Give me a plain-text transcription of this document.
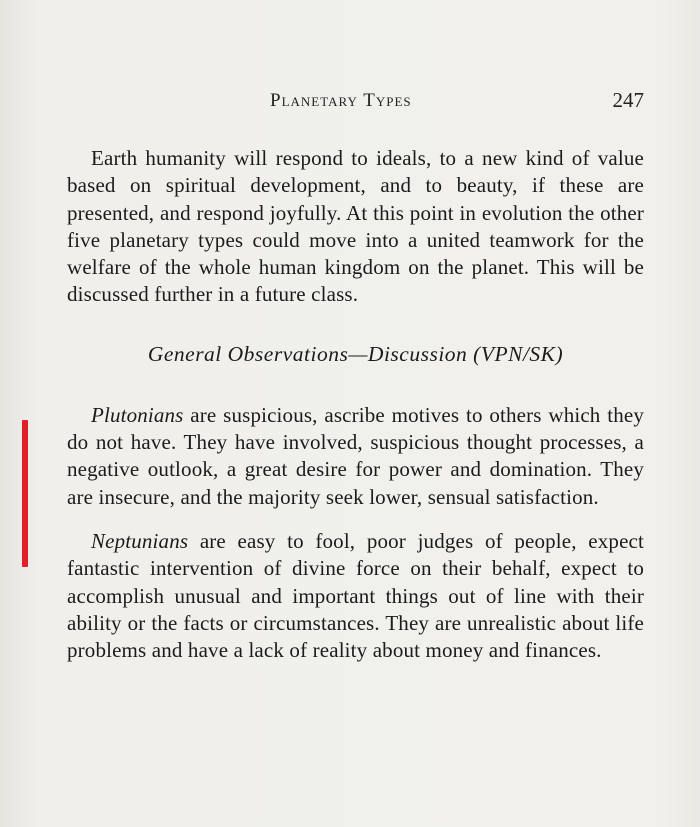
Planetary Types	247

Earth humanity will respond to ideals, to a new kind of value based on spiritual development, and to beauty, if these are presented, and respond joyfully. At this point in evolution the other five planetary types could move into a united teamwork for the welfare of the whole human kingdom on the planet. This will be discussed further in a future class.

General Observations—Discussion (VPN/SK)

Plutonians are suspicious, ascribe motives to others which they do not have. They have involved, suspicious thought processes, a negative outlook, a great desire for power and domination. They are insecure, and the majority seek lower, sensual satisfaction.

Neptunians are easy to fool, poor judges of people, expect fantastic intervention of divine force on their behalf, expect to accomplish unusual and important things out of line with their ability or the facts or circumstances. They are unrealistic about life problems and have a lack of reality about money and finances.
